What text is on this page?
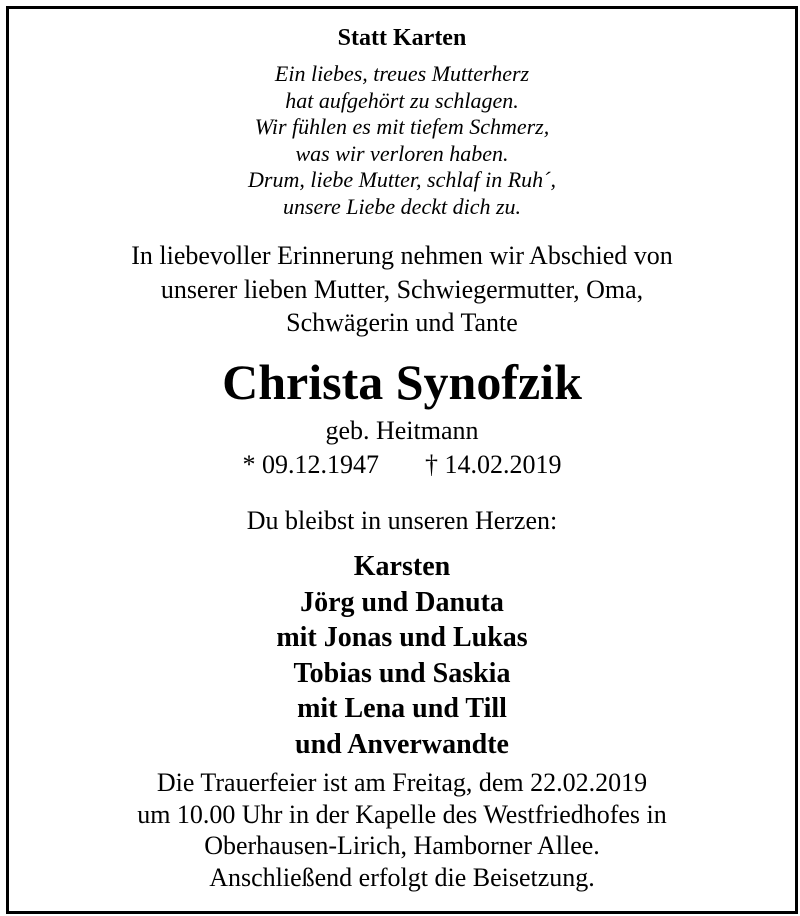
Statt Karten
Ein liebes, treues Mutterherz
hat aufgehört zu schlagen.
Wir fühlen es mit tiefem Schmerz,
was wir verloren haben.
Drum, liebe Mutter, schlaf in Ruh´,
unsere Liebe deckt dich zu.
In liebevoller Erinnerung nehmen wir Abschied von
unserer lieben Mutter, Schwiegermutter, Oma,
Schwägerin und Tante
Christa Synofzik
geb. Heitmann
* 09.12.1947 † 14.02.2019
Du bleibst in unseren Herzen:
Karsten
Jörg und Danuta
mit Jonas und Lukas
Tobias und Saskia
mit Lena und Till
und Anverwandte
Die Trauerfeier ist am Freitag, dem 22.02.2019
um 10.00 Uhr in der Kapelle des Westfriedhofes in
Oberhausen-Lirich, Hamborner Allee.
Anschließend erfolgt die Beisetzung.
